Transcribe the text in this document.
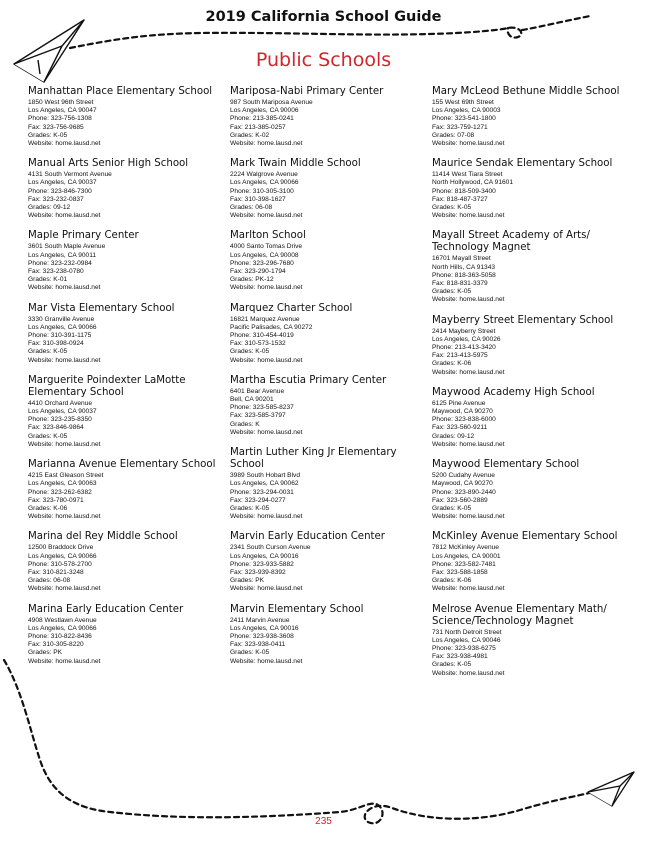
2019 California School Guide
Public Schools
Manhattan Place Elementary School
1850 West 96th Street
Los Angeles, CA 90047
Phone: 323-756-1308
Fax: 323-756-9685
Grades: K-05
Website: home.lausd.net
Manual Arts Senior High School
4131 South Vermont Avenue
Los Angeles, CA 90037
Phone: 323-846-7300
Fax: 323-232-0837
Grades: 09-12
Website: home.lausd.net
Maple Primary Center
3601 South Maple Avenue
Los Angeles, CA 90011
Phone: 323-232-0984
Fax: 323-238-0780
Grades: K-01
Website: home.lausd.net
Mar Vista Elementary School
3330 Granville Avenue
Los Angeles, CA 90066
Phone: 310-391-1175
Fax: 310-398-0924
Grades: K-05
Website: home.lausd.net
Marguerite Poindexter LaMotte Elementary School
4410 Orchard Avenue
Los Angeles, CA 90037
Phone: 323-235-8350
Fax: 323-846-9864
Grades: K-05
Website: home.lausd.net
Marianna Avenue Elementary School
4215 East Gleason Street
Los Angeles, CA 90063
Phone: 323-262-6382
Fax: 323-780-0971
Grades: K-06
Website: home.lausd.net
Marina del Rey Middle School
12500 Braddock Drive
Los Angeles, CA 90066
Phone: 310-578-2700
Fax: 310-821-3248
Grades: 06-08
Website: home.lausd.net
Marina Early Education Center
4908 Westlawn Avenue
Los Angeles, CA 90066
Phone: 310-822-8436
Fax: 310-305-8220
Grades: PK
Website: home.lausd.net
Mariposa-Nabi Primary Center
987 South Mariposa Avenue
Los Angeles, CA 90006
Phone: 213-385-0241
Fax: 213-385-0257
Grades: K-02
Website: home.lausd.net
Mark Twain Middle School
2224 Walgrove Avenue
Los Angeles, CA 90066
Phone: 310-305-3100
Fax: 310-398-1627
Grades: 06-08
Website: home.lausd.net
Marlton School
4000 Santo Tomas Drive
Los Angeles, CA 90008
Phone: 323-296-7680
Fax: 323-290-1794
Grades: PK-12
Website: home.lausd.net
Marquez Charter School
16821 Marquez Avenue
Pacific Palisades, CA 90272
Phone: 310-454-4019
Fax: 310-573-1532
Grades: K-05
Website: home.lausd.net
Martha Escutia Primary Center
6401 Bear Avenue
Bell, CA 90201
Phone: 323-585-8237
Fax: 323-585-3797
Grades: K
Website: home.lausd.net
Martin Luther King Jr Elementary School
3989 South Hobart Blvd
Los Angeles, CA 90062
Phone: 323-294-0031
Fax: 323-294-0277
Grades: K-05
Website: home.lausd.net
Marvin Early Education Center
2341 South Curson Avenue
Los Angeles, CA 90016
Phone: 323-933-5882
Fax: 323-939-8392
Grades: PK
Website: home.lausd.net
Marvin Elementary School
2411 Marvin Avenue
Los Angeles, CA 90016
Phone: 323-938-3608
Fax: 323-938-0411
Grades: K-05
Website: home.lausd.net
Mary McLeod Bethune Middle School
155 West 69th Street
Los Angeles, CA 90003
Phone: 323-541-1800
Fax: 323-759-1271
Grades: 07-08
Website: home.lausd.net
Maurice Sendak Elementary School
11414 West Tiara Street
North Hollywood, CA 91601
Phone: 818-509-3400
Fax: 818-487-3727
Grades: K-05
Website: home.lausd.net
Mayall Street Academy of Arts/ Technology Magnet
16701 Mayall Street
North Hills, CA 91343
Phone: 818-363-5058
Fax: 818-831-3379
Grades: K-05
Website: home.lausd.net
Mayberry Street Elementary School
2414 Mayberry Street
Los Angeles, CA 90026
Phone: 213-413-3420
Fax: 213-413-5975
Grades: K-06
Website: home.lausd.net
Maywood Academy High School
6125 Pine Avenue
Maywood, CA 90270
Phone: 323-838-6000
Fax: 323-560-9211
Grades: 09-12
Website: home.lausd.net
Maywood Elementary School
5200 Cudahy Avenue
Maywood, CA 90270
Phone: 323-890-2440
Fax: 323-560-2889
Grades: K-05
Website: home.lausd.net
McKinley Avenue Elementary School
7812 McKinley Avenue
Los Angeles, CA 90001
Phone: 323-582-7481
Fax: 323-588-1858
Grades: K-06
Website: home.lausd.net
Melrose Avenue Elementary Math/ Science/Technology Magnet
731 North Detroit Street
Los Angeles, CA 90046
Phone: 323-938-6275
Fax: 323-938-4981
Grades: K-05
Website: home.lausd.net
235
